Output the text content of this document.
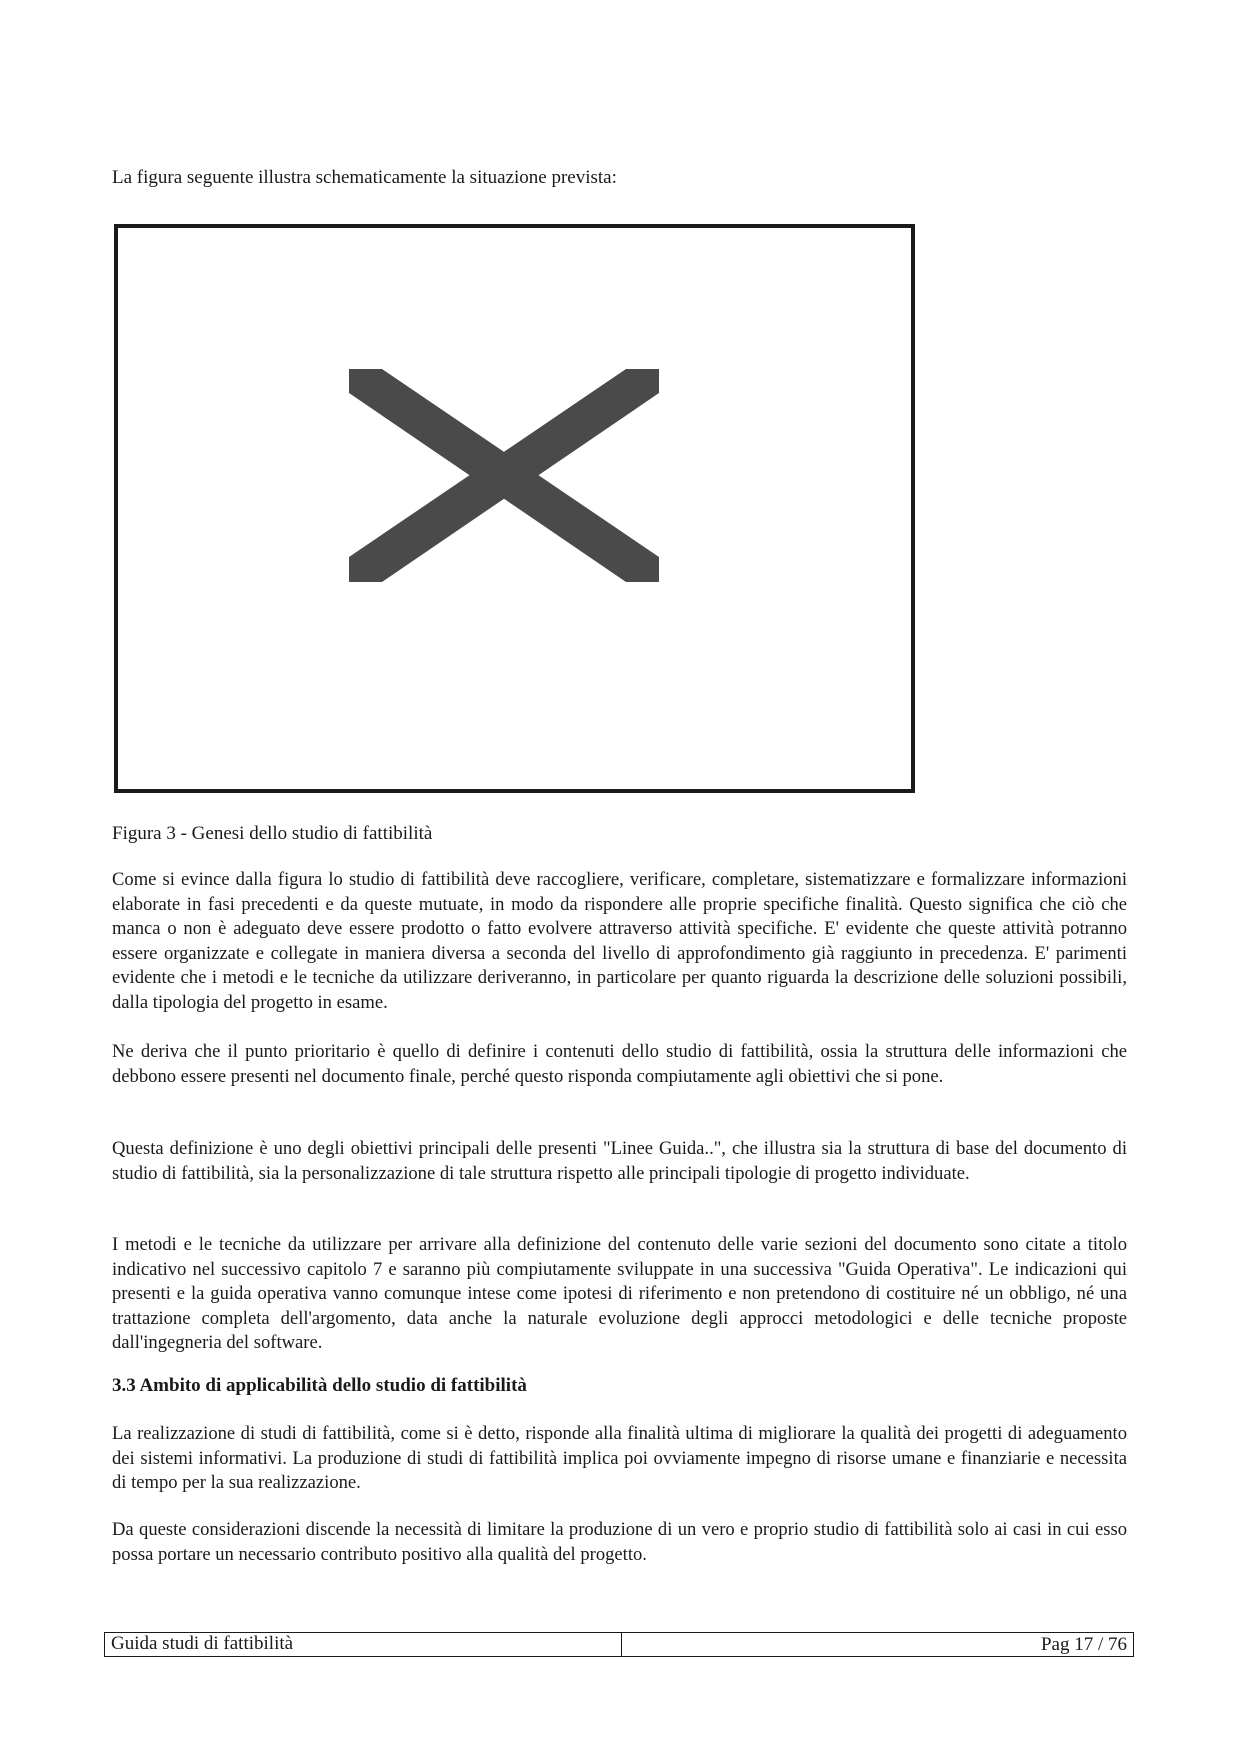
La figura seguente illustra schematicamente la situazione prevista:

Figura 3 - Genesi dello studio di fattibilità

Come si evince dalla figura lo studio di fattibilità deve raccogliere, verificare, completare, sistematizzare e formalizzare informazioni elaborate in fasi precedenti e da queste mutuate, in modo da rispondere alle proprie specifiche finalità. Questo significa che ciò che manca o non è adeguato deve essere prodotto o fatto evolvere attraverso attività specifiche. E' evidente che queste attività potranno essere organizzate e collegate in maniera diversa a seconda del livello di approfondimento già raggiunto in precedenza. E' parimenti evidente che i metodi e le tecniche da utilizzare deriveranno, in particolare per quanto riguarda la descrizione delle soluzioni possibili, dalla tipologia del progetto in esame.

Ne deriva che il punto prioritario è quello di definire i contenuti dello studio di fattibilità, ossia la struttura delle informazioni che debbono essere presenti nel documento finale, perché questo risponda compiutamente agli obiettivi che si pone.

Questa definizione è uno degli obiettivi principali delle presenti "Linee Guida..", che illustra sia la struttura di base del documento di studio di fattibilità, sia la personalizzazione di tale struttura rispetto alle principali tipologie di progetto individuate.

I metodi e le tecniche da utilizzare per arrivare alla definizione del contenuto delle varie sezioni del documento sono citate a titolo indicativo nel successivo capitolo 7 e saranno più compiutamente sviluppate in una successiva "Guida Operativa". Le indicazioni qui presenti e la guida operativa vanno comunque intese come ipotesi di riferimento e non pretendono di costituire né un obbligo, né una trattazione completa dell'argomento, data anche la naturale evoluzione degli approcci metodologici e delle tecniche proposte dall'ingegneria del software.

3.3 Ambito di applicabilità dello studio di fattibilità

La realizzazione di studi di fattibilità, come si è detto, risponde alla finalità ultima di migliorare la qualità dei progetti di adeguamento dei sistemi informativi. La produzione di studi di fattibilità implica poi ovviamente impegno di risorse umane e finanziarie e necessita di tempo per la sua realizzazione.

Da queste considerazioni discende la necessità di limitare la produzione di un vero e proprio studio di fattibilità solo ai casi in cui esso possa portare un necessario contributo positivo alla qualità del progetto.

Guida studi di fattibilità	Pag 17 / 76
